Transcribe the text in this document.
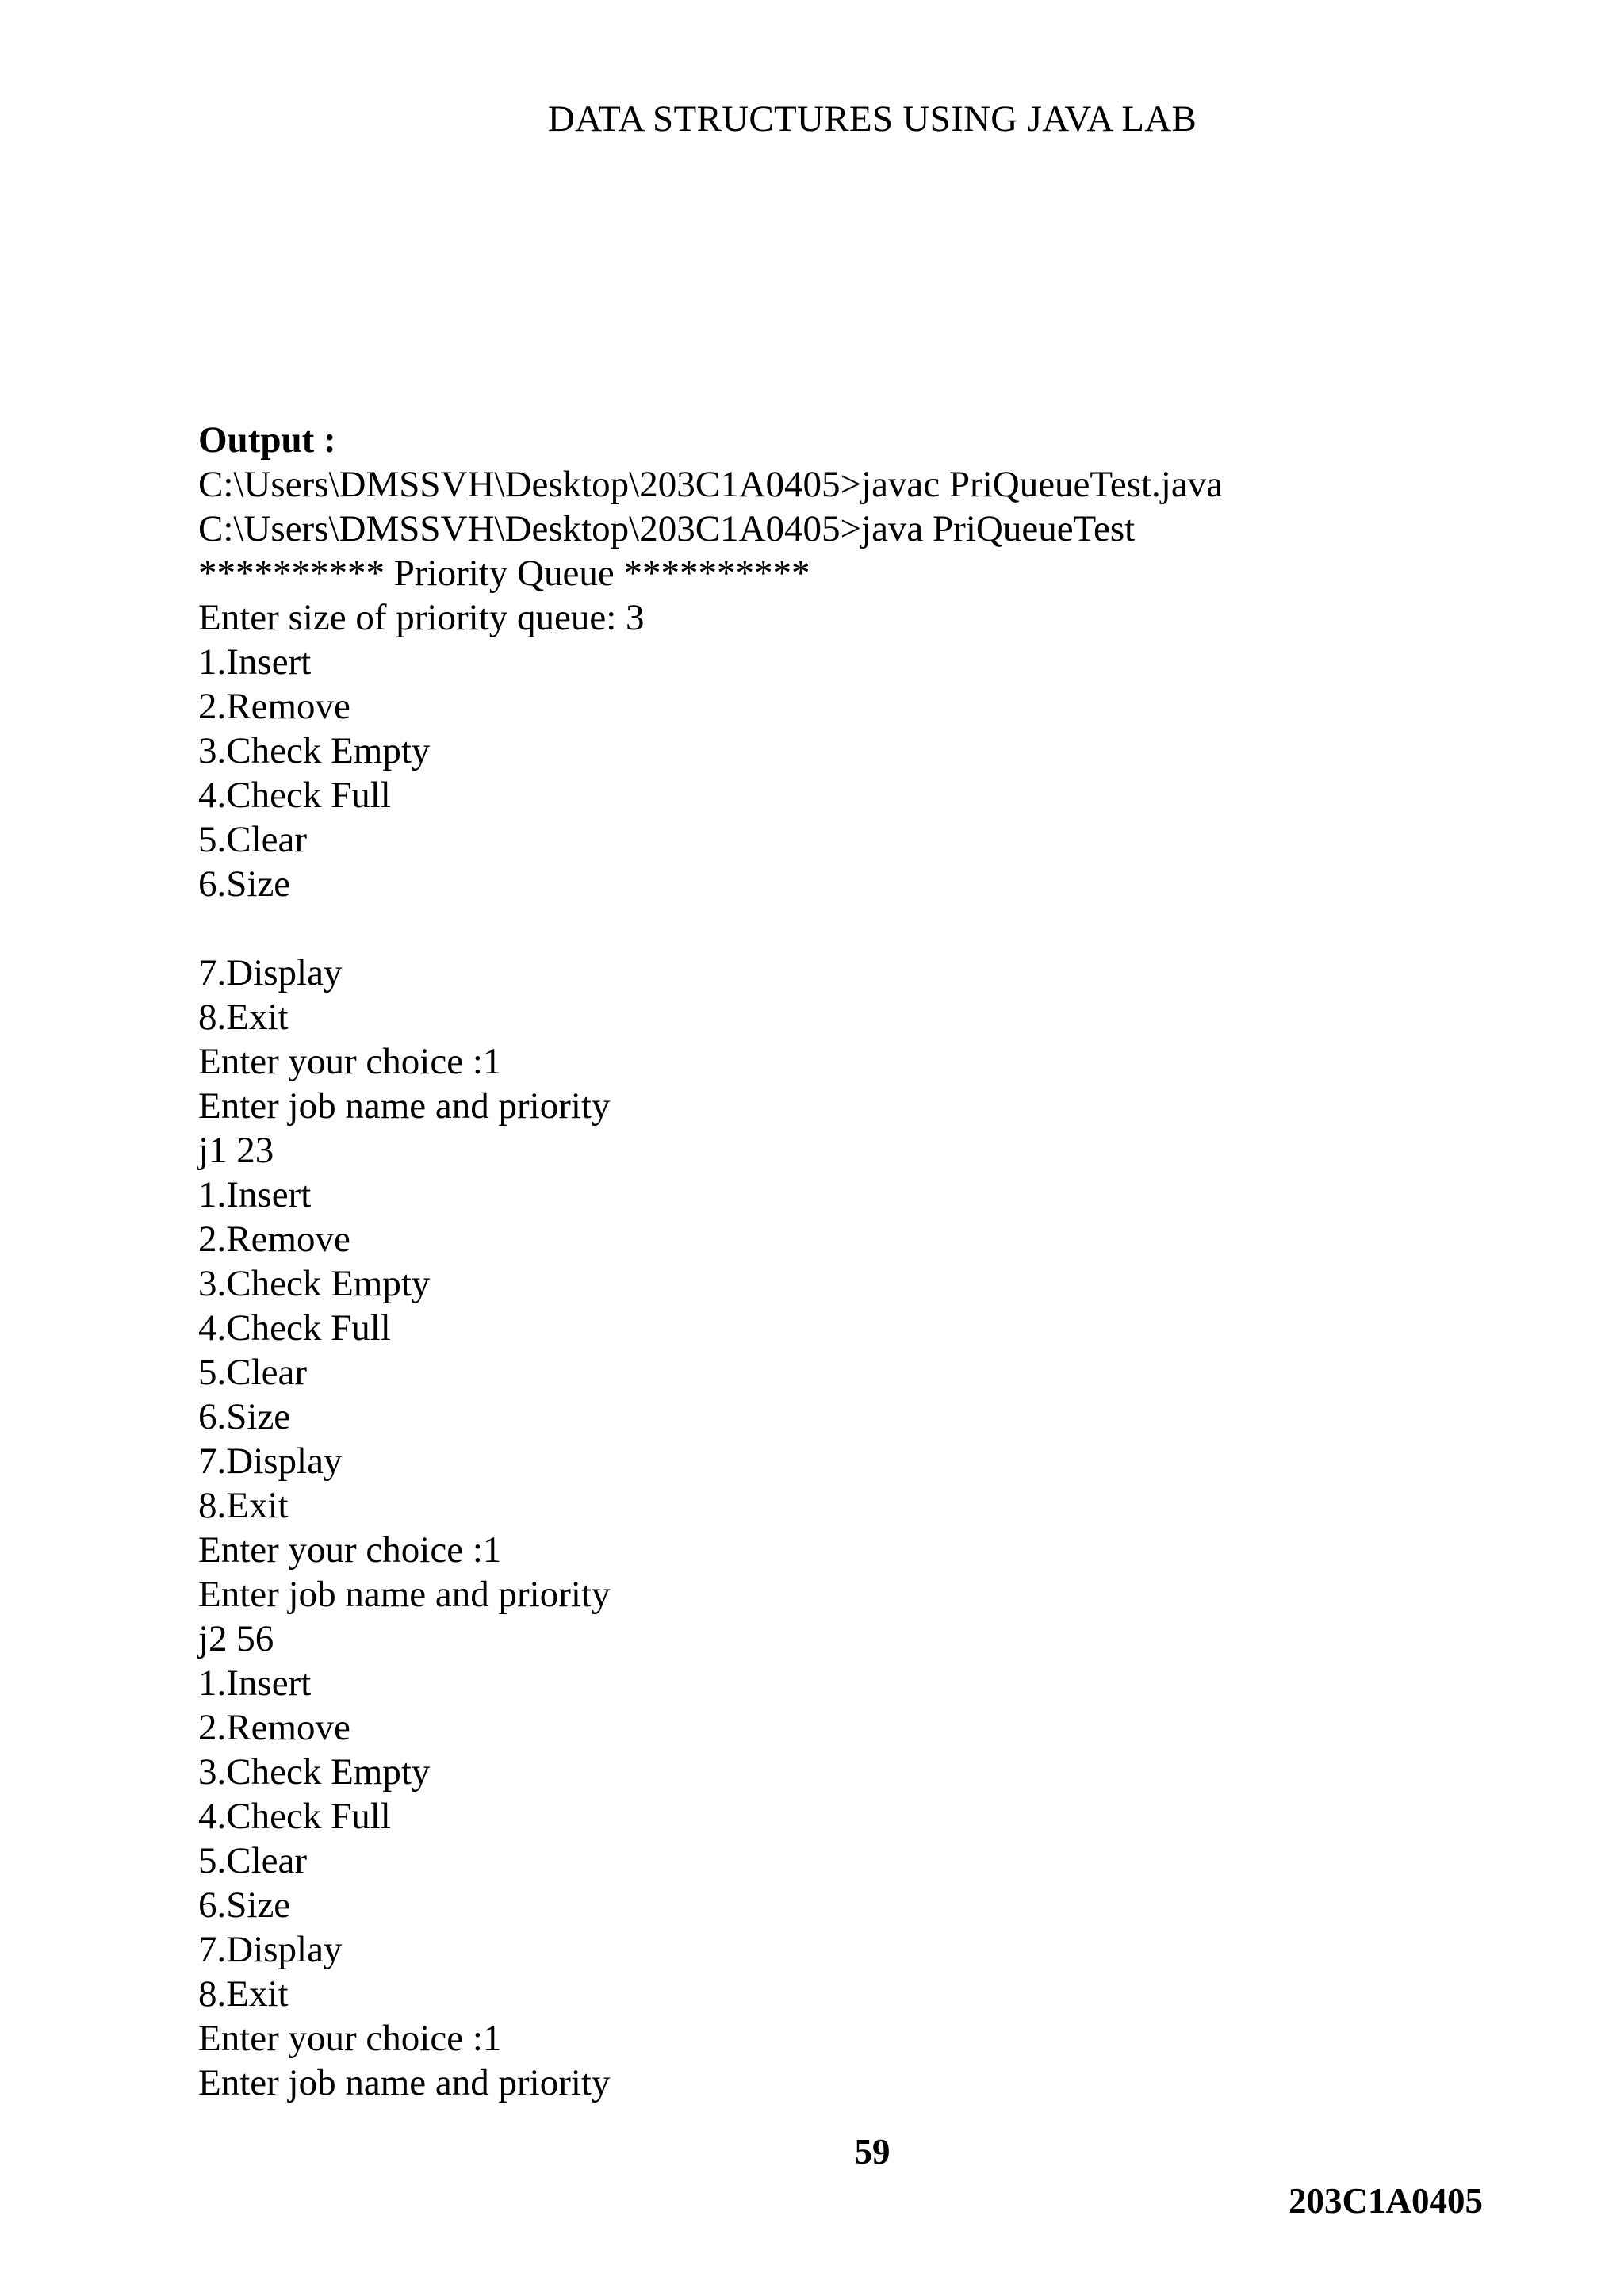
DATA STRUCTURES USING JAVA LAB
Output :
C:\Users\DMSSVH\Desktop\203C1A0405>javac PriQueueTest.java
C:\Users\DMSSVH\Desktop\203C1A0405>java PriQueueTest
********** Priority Queue **********
Enter size of priority queue: 3
1.Insert
2.Remove
3.Check Empty
4.Check Full
5.Clear
6.Size
7.Display
8.Exit
Enter your choice :1
Enter job name and priority
j1 23
1.Insert
2.Remove
3.Check Empty
4.Check Full
5.Clear
6.Size
7.Display
8.Exit
Enter your choice :1
Enter job name and priority
j2 56
1.Insert
2.Remove
3.Check Empty
4.Check Full
5.Clear
6.Size
7.Display
8.Exit
Enter your choice :1
Enter job name and priority
59
203C1A0405
